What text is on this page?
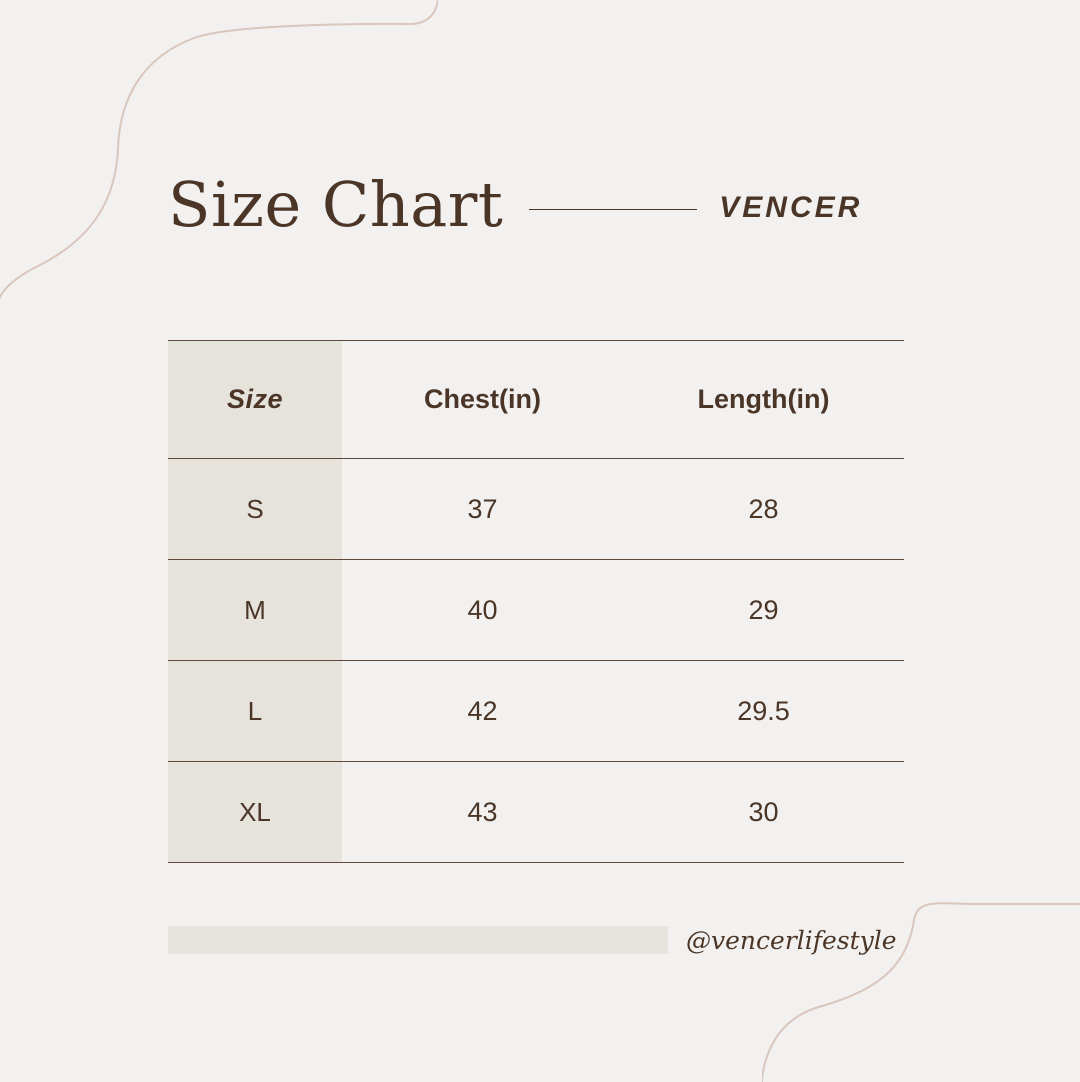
Size Chart	VENCER
Size	Chest(in)	Length(in)
S	37	28
M	40	29
L	42	29.5
XL	43	30
@vencerlifestyle
